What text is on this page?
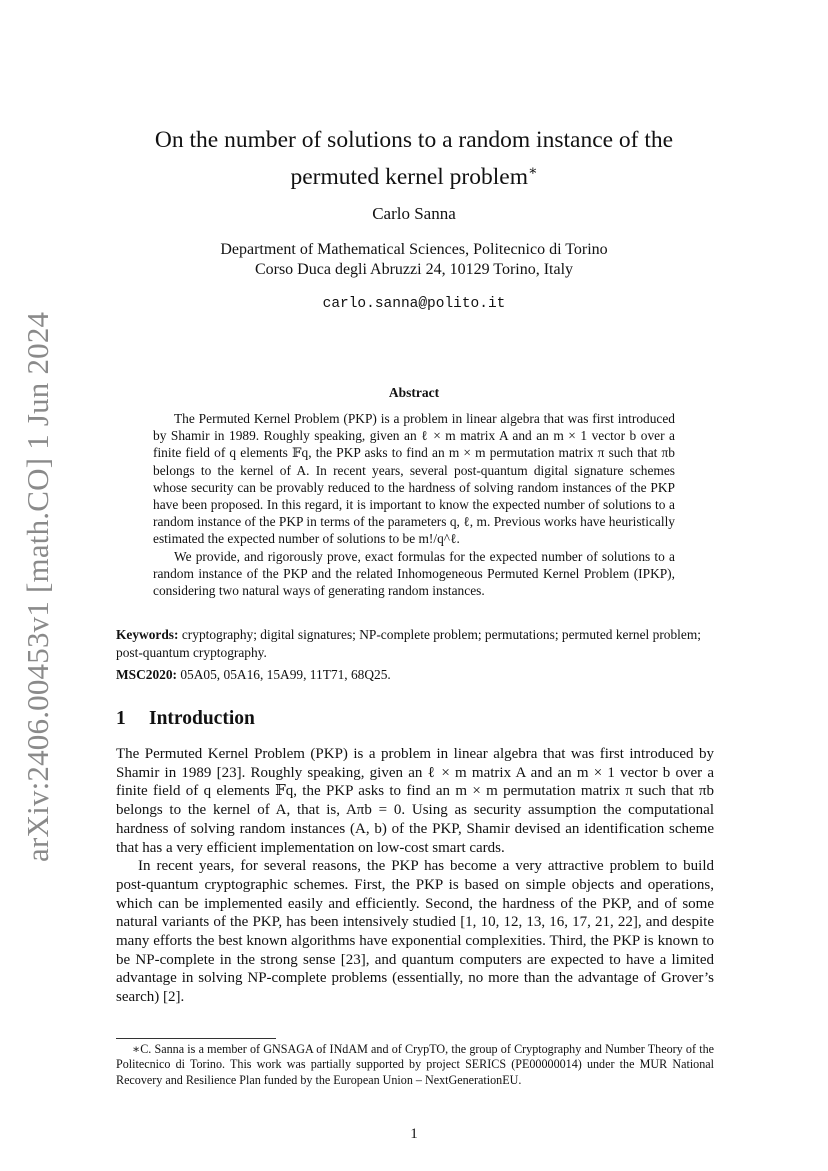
arXiv:2406.00453v1 [math.CO] 1 Jun 2024
On the number of solutions to a random instance of the
permuted kernel problem∗
Carlo Sanna
Department of Mathematical Sciences, Politecnico di Torino
Corso Duca degli Abruzzi 24, 10129 Torino, Italy
carlo.sanna@polito.it
Abstract

The Permuted Kernel Problem (PKP) is a problem in linear algebra that was first introduced by Shamir in 1989. Roughly speaking, given an ℓ × m matrix A and an m × 1 vector b over a finite field of q elements 𝔽q, the PKP asks to find an m × m permutation matrix π such that πb belongs to the kernel of A. In recent years, several post-quantum digital signature schemes whose security can be provably reduced to the hardness of solving random instances of the PKP have been proposed. In this regard, it is important to know the expected number of solutions to a random instance of the PKP in terms of the parameters q, ℓ, m. Previous works have heuristically estimated the expected number of solutions to be m!/q^ℓ.

We provide, and rigorously prove, exact formulas for the expected number of solutions to a random instance of the PKP and the related Inhomogeneous Permuted Kernel Problem (IPKP), considering two natural ways of generating random instances.

Keywords: cryptography; digital signatures; NP-complete problem; permutations; permuted kernel problem; post-quantum cryptography.

MSC2020: 05A05, 05A16, 15A99, 11T71, 68Q25.

1 Introduction

The Permuted Kernel Problem (PKP) is a problem in linear algebra that was first introduced by Shamir in 1989 [23]. Roughly speaking, given an ℓ × m matrix A and an m × 1 vector b over a finite field of q elements 𝔽q, the PKP asks to find an m × m permutation matrix π such that πb belongs to the kernel of A, that is, Aπb = 0. Using as security assumption the computational hardness of solving random instances (A, b) of the PKP, Shamir devised an identification scheme that has a very efficient implementation on low-cost smart cards.

In recent years, for several reasons, the PKP has become a very attractive problem to build post-quantum cryptographic schemes. First, the PKP is based on simple objects and operations, which can be implemented easily and efficiently. Second, the hardness of the PKP, and of some natural variants of the PKP, has been intensively studied [1, 10, 12, 13, 16, 17, 21, 22], and despite many efforts the best known algorithms have exponential complexities. Third, the PKP is known to be NP-complete in the strong sense [23], and quantum computers are expected to have a limited advantage in solving NP-complete problems (essentially, no more than the advantage of Grover’s search) [2].

∗C. Sanna is a member of GNSAGA of INdAM and of CrypTO, the group of Cryptography and Number Theory of the Politecnico di Torino. This work was partially supported by project SERICS (PE00000014) under the MUR National Recovery and Resilience Plan funded by the European Union – NextGenerationEU.

1
